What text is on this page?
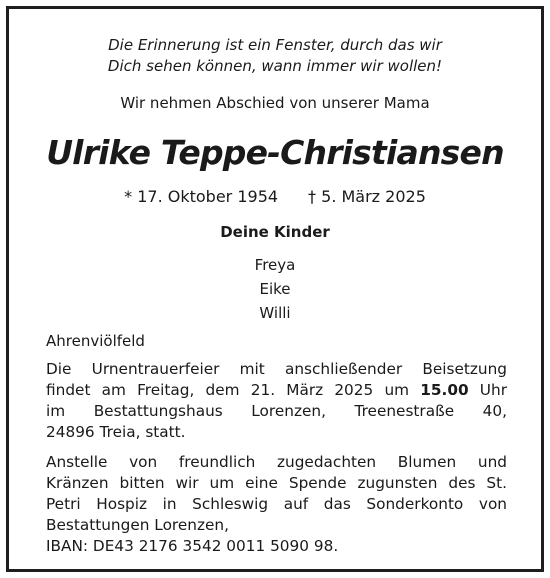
Die Erinnerung ist ein Fenster, durch das wir
Dich sehen können, wann immer wir wollen!
Wir nehmen Abschied von unserer Mama
Ulrike Teppe-Christiansen
* 17. Oktober 1954 † 5. März 2025
Deine Kinder
Freya
Eike
Willi
Ahrenviölfeld
Die Urnentrauerfeier mit anschließender Beisetzung
findet am Freitag, dem 21. März 2025 um 15.00 Uhr
im Bestattungshaus Lorenzen, Treenestraße 40,
24896 Treia, statt.
Anstelle von freundlich zugedachten Blumen und
Kränzen bitten wir um eine Spende zugunsten des St.
Petri Hospiz in Schleswig auf das Sonderkonto von
Bestattungen Lorenzen,
IBAN: DE43 2176 3542 0011 5090 98.
